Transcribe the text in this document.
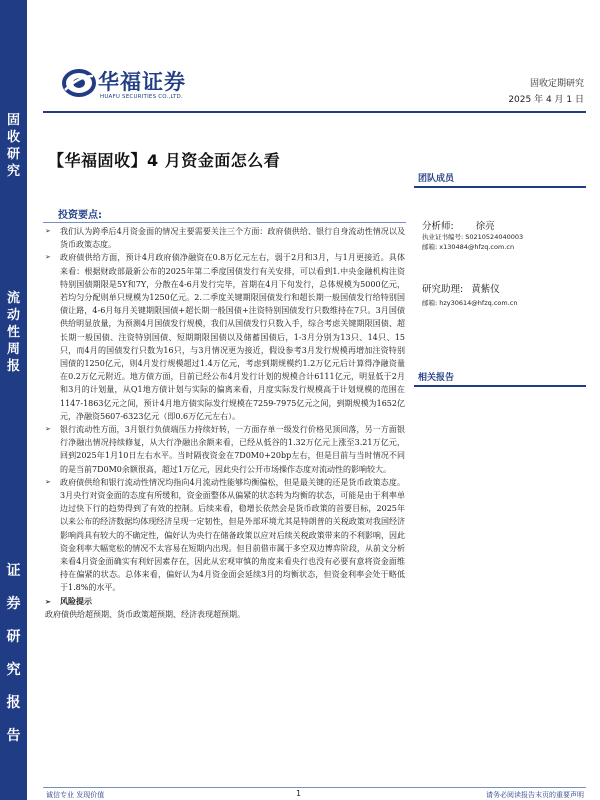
固
收
研
究
流
动
性
周
报
证
券
研
究
报
告
华福证券
HUAFU SECURITIES CO.,LTD.
固收定期研究
2025 年 4 月 1 日
【华福固收】4 月资金面怎么看
团队成员
分析师: 徐亮
执业证书编号: S0210524040003
邮箱: x130484@hfzq.com.cn
研究助理: 黄紫仪
邮箱: hzy30614@hfzq.com.cn
相关报告
投资要点:
➢ 我们认为跨季后4月资金面的情况主要需要关注三个方面：政府债供给、银行自身流动性情况以及货币政策态度。
➢ 政府债供给方面，预计4月政府债净融资在0.8万亿元左右，弱于2月和3月，与1月更接近。具体来看：根据财政部最新公布的2025年第二季度国债发行有关安排，可以看到1.中央金融机构注资特别国债期限是5Y和7Y，分散在4-6月发行完毕，首期在4月下旬发行，总体规模为5000亿元，若均匀分配则单只规模为1250亿元。2.二季度关键期限国债发行和超长期一般国债发行给特别国债让路，4-6月每月关键期限国债+超长期一般国债+注资特别国债发行只数维持在7只。3月国债供给明显放量，为预测4月国债发行规模，我们从国债发行只数入手，综合考虑关键期限国债、超长期一般国债、注资特别国债、短期期限国债以及储蓄国债后，1-3月分别为13只、14只、15只，而4月的国债发行只数为16只，与3月情况更为接近，假设参考3月发行规模再增加注资特别国债的1250亿元，则4月发行规模超过1.4万亿元，考虑到期规模约1.2万亿元后计算得净融资量在0.2万亿元附近。地方债方面，目前已经公布4月发行计划的规模合计6111亿元，明显低于2月和3月的计划量，从Q1地方债计划与实际的偏离来看，月度实际发行规模高于计划规模的范围在1147-1863亿元之间，预计4月地方债实际发行规模在7259-7975亿元之间，到期规模为1652亿元，净融资5607-6323亿元（即0.6万亿元左右）。
➢ 银行流动性方面，3月银行负债端压力持续好转，一方面存单一级发行价格见顶回落，另一方面银行净融出情况持续修复，从大行净融出余额来看，已经从低谷的1.32万亿元上涨至3.21万亿元，回到2025年1月10日左右水平。当时隔夜资金在7D0M0+20bp左右，但是目前与当时情况不同的是当前7D0M0余额很高，超过1万亿元，因此央行公开市场操作态度对流动性的影响较大。
➢ 政府债供给和银行流动性情况均指向4月流动性能够均衡偏松，但是最关键的还是货币政策态度。3月央行对资金面的态度有所缓和，资金面整体从偏紧的状态转为均衡的状态，可能是由于利率单边过快下行的趋势得到了有效的控制。后续来看，稳增长依然会是货币政策的首要目标，2025年以来公布的经济数据均体现经济呈现一定韧性，但是外部环境尤其是特朗普的关税政策对我国经济影响尚具有较大的不确定性，偏好认为央行在储备政策以应对后续关税政策带来的不利影响，因此资金利率大幅宽松的情况不太容易在短期内出现。但目前借市属于多空双边博弈阶段，从前文分析来看4月资金面确实有利好因素存在，因此从宏观审慎的角度来看央行也没有必要有意将资金面维持在偏紧的状态。总体来看，偏好认为4月资金面会延续3月的均衡状态，但资金利率会处于略低于1.8%的水平。
➢ 风险提示
政府债供给超预期、货币政策超预期、经济表现超预期。
诚信专业 发现价值	1	请务必阅读报告末页的重要声明
